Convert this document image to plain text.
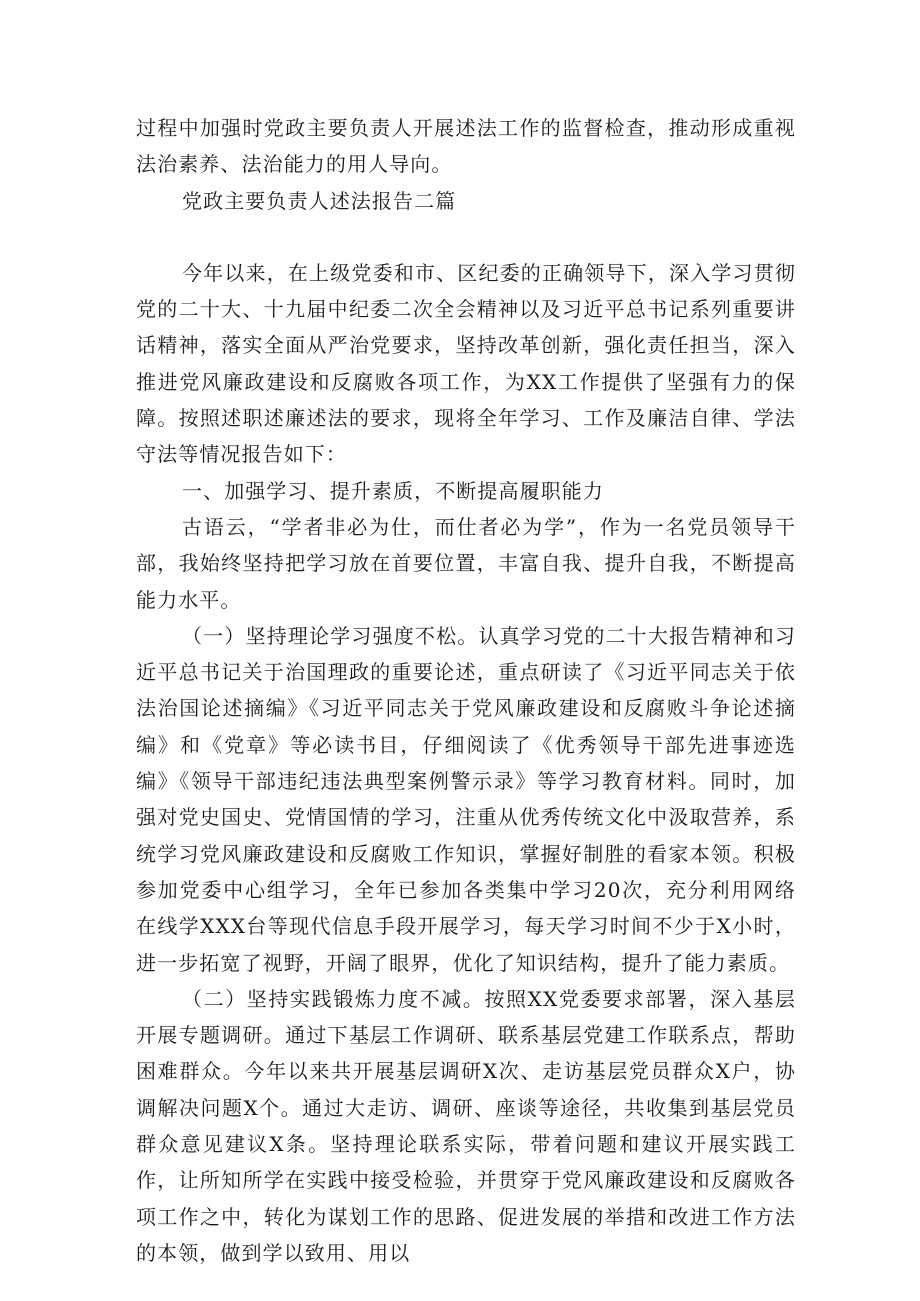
过程中加强时党政主要负责人开展述法工作的监督检查，推动形成重视法治素养、法治能力的用人导向。

党政主要负责人述法报告二篇

今年以来，在上级党委和市、区纪委的正确领导下，深入学习贯彻党的二十大、十九届中纪委二次全会精神以及习近平总书记系列重要讲话精神，落实全面从严治党要求，坚持改革创新，强化责任担当，深入推进党风廉政建设和反腐败各项工作，为XX工作提供了坚强有力的保障。按照述职述廉述法的要求，现将全年学习、工作及廉洁自律、学法守法等情况报告如下：

一、加强学习、提升素质，不断提高履职能力

古语云，“学者非必为仕，而仕者必为学”，作为一名党员领导干部，我始终坚持把学习放在首要位置，丰富自我、提升自我，不断提高能力水平。

（一）坚持理论学习强度不松。认真学习党的二十大报告精神和习近平总书记关于治国理政的重要论述，重点研读了《习近平同志关于依法治国论述摘编》《习近平同志关于党风廉政建设和反腐败斗争论述摘编》和《党章》等必读书目，仔细阅读了《优秀领导干部先进事迹选编》《领导干部违纪违法典型案例警示录》等学习教育材料。同时，加强对党史国史、党情国情的学习，注重从优秀传统文化中汲取营养，系统学习党风廉政建设和反腐败工作知识，掌握好制胜的看家本领。积极参加党委中心组学习，全年已参加各类集中学习20次，充分利用网络在线学XXX台等现代信息手段开展学习，每天学习时间不少于X小时，进一步拓宽了视野，开阔了眼界，优化了知识结构，提升了能力素质。

（二）坚持实践锻炼力度不减。按照XX党委要求部署，深入基层开展专题调研。通过下基层工作调研、联系基层党建工作联系点，帮助困难群众。今年以来共开展基层调研X次、走访基层党员群众X户，协调解决问题X个。通过大走访、调研、座谈等途径，共收集到基层党员群众意见建议X条。坚持理论联系实际，带着问题和建议开展实践工作，让所知所学在实践中接受检验，并贯穿于党风廉政建设和反腐败各项工作之中，转化为谋划工作的思路、促进发展的举措和改进工作方法的本领，做到学以致用、用以
